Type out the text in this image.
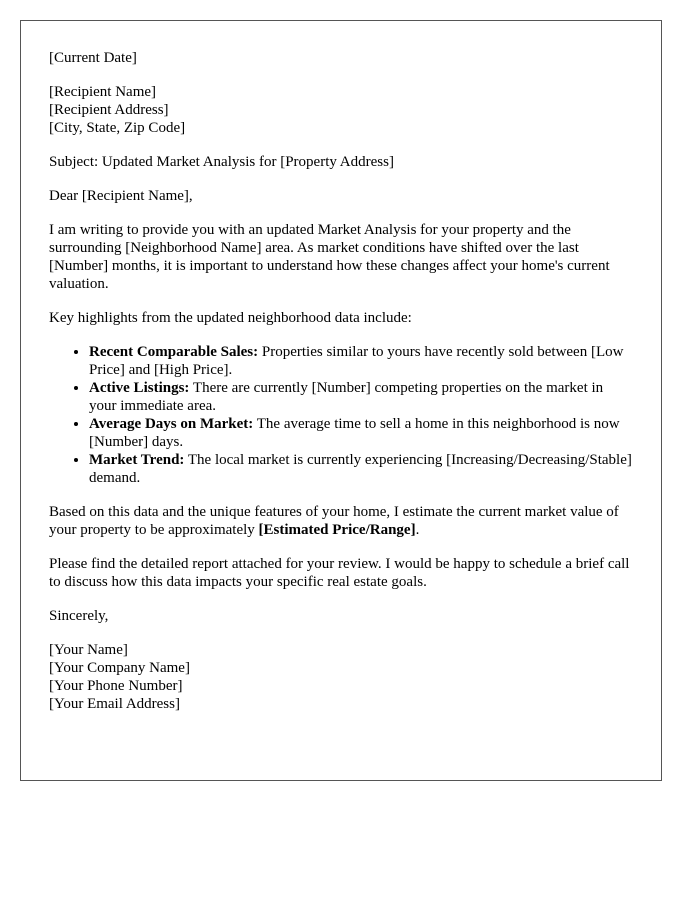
[Current Date]
[Recipient Name]
[Recipient Address]
[City, State, Zip Code]

Subject: Updated Market Analysis for [Property Address]

Dear [Recipient Name],

I am writing to provide you with an updated Market Analysis for your property and the surrounding [Neighborhood Name] area. As market conditions have shifted over the last [Number] months, it is important to understand how these changes affect your home's current valuation.

Key highlights from the updated neighborhood data include:

• Recent Comparable Sales: Properties similar to yours have recently sold between [Low Price] and [High Price].
• Active Listings: There are currently [Number] competing properties on the market in your immediate area.
• Average Days on Market: The average time to sell a home in this neighborhood is now [Number] days.
• Market Trend: The local market is currently experiencing [Increasing/Decreasing/Stable] demand.

Based on this data and the unique features of your home, I estimate the current market value of your property to be approximately [Estimated Price/Range].

Please find the detailed report attached for your review. I would be happy to schedule a brief call to discuss how this data impacts your specific real estate goals.

Sincerely,

[Your Name]
[Your Company Name]
[Your Phone Number]
[Your Email Address]
